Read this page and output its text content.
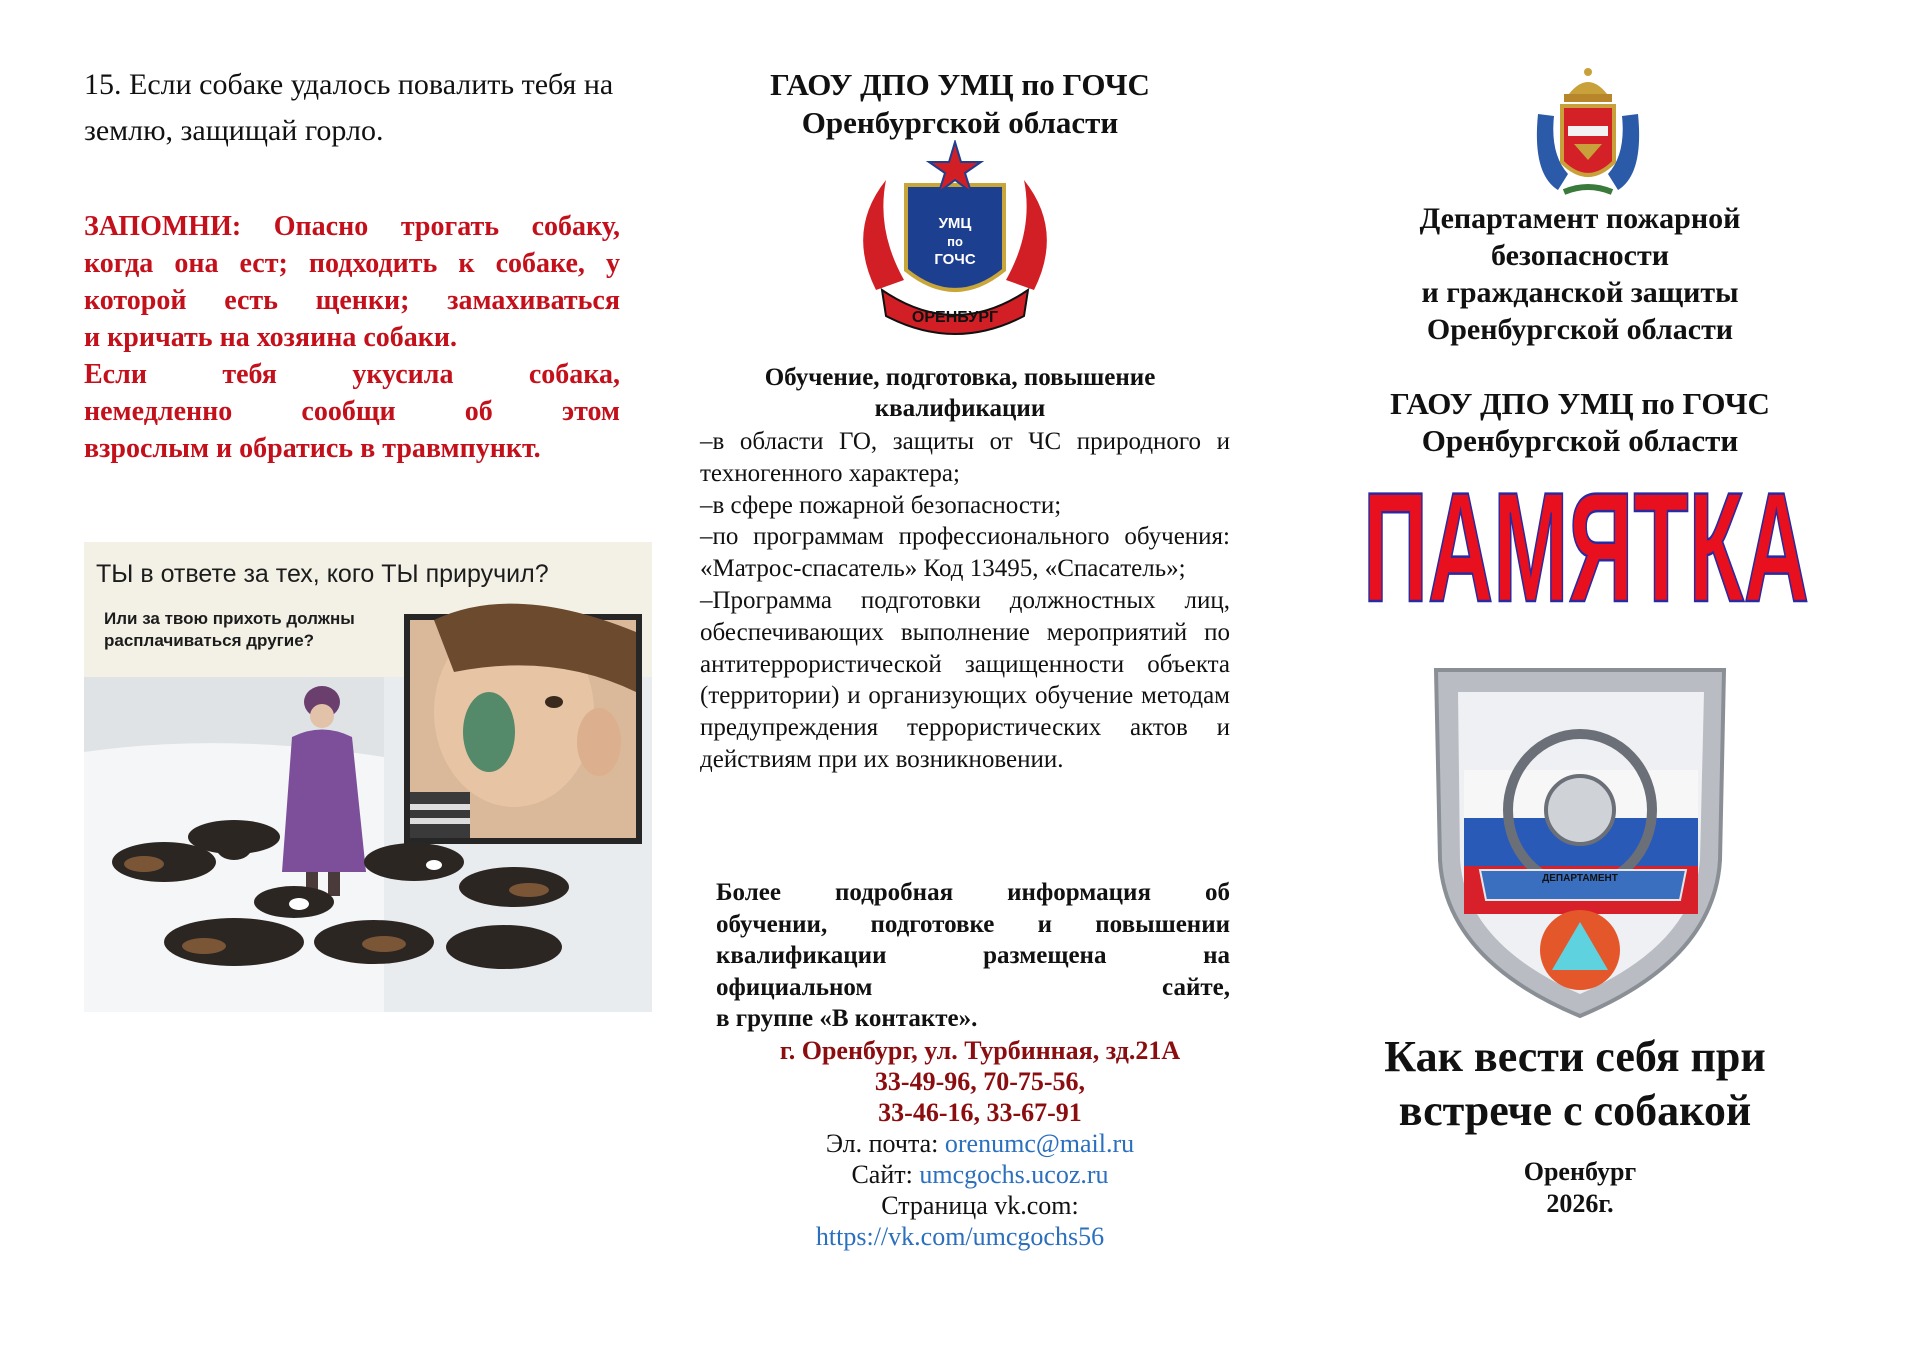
15. Если собаке удалось повалить тебя на землю, защищай горло.
ЗАПОМНИ: Опасно трогать собаку,
когда она ест; подходить к собаке, у
которой есть щенки; замахиваться
и кричать на хозяина собаки.
Если тебя укусила собака,
немедленно сообщи об этом
взрослым и обратись в травмпункт.
ТЫ в ответе за тех, кого ТЫ приручил?
Или за твою прихоть должны
расплачиваться другие?
ГАОУ ДПО УМЦ по ГОЧС
Оренбургской области
УМЦ
по
ГОЧС
ОРЕНБУРГ
Обучение, подготовка, повышение квалификации
–в области ГО, защиты от ЧС природного и техногенного характера;
–в сфере пожарной безопасности;
–по программам профессионального обучения: «Матрос-спасатель» Код 13495, «Спасатель»;
–Программа подготовки должностных лиц, обеспечивающих выполнение мероприятий по антитеррористической защищенности объекта (территории) и организующих обучение методам предупреждения террористических актов и действиям при их возникновении.
Более подробная информация об
обучении, подготовке и повышении
квалификации размещена на
официальном сайте,
в группе «В контакте».
г. Оренбург, ул. Турбинная, зд.21А
33-49-96, 70-75-56,
33-46-16, 33-67-91
Эл. почта: orenumc@mail.ru
Сайт: umcgochs.ucoz.ru
Страница vk.com:
https://vk.com/umcgochs56
Департамент пожарной
безопасности
и гражданской защиты
Оренбургской области
ГАОУ ДПО УМЦ по ГОЧС
Оренбургской области
ПАМЯТКА
ДЕПАРТАМЕНТ
Как вести себя при
встрече с собакой
Оренбург
2026г.
